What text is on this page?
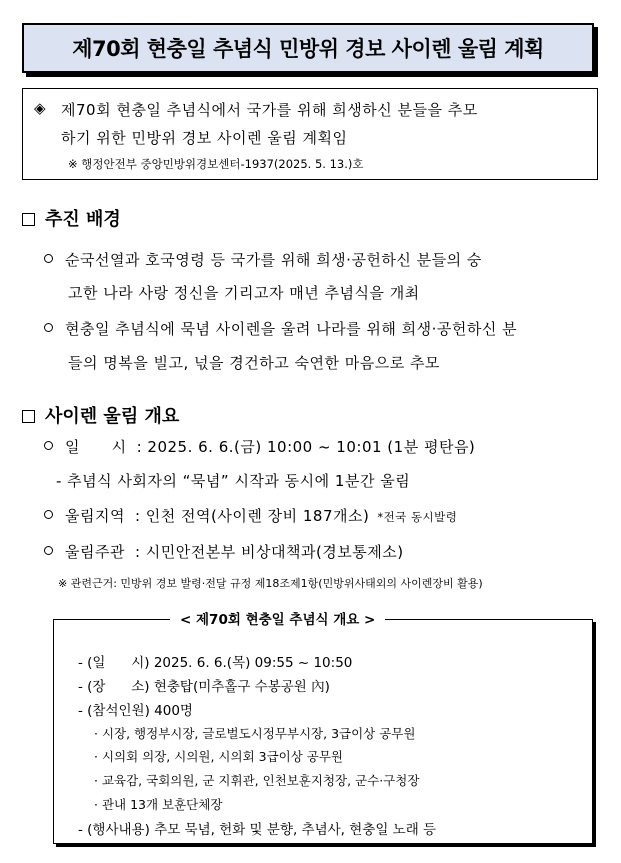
제70회 현충일 추념식 민방위 경보 사이렌 울림 계획
◈ 제70회 현충일 추념식에서 국가를 위해 희생하신 분들을 추모
하기 위한 민방위 경보 사이렌 울림 계획임
※ 행정안전부 중앙민방위경보센터-1937(2025. 5. 13.)호
추진 배경
순국선열과 호국영령 등 국가를 위해 희생·공헌하신 분들의 숭
고한 나라 사랑 정신을 기리고자 매년 추념식을 개최
현충일 추념식에 묵념 사이렌을 울려 나라를 위해 희생·공헌하신 분
들의 명복을 빌고, 넋을 경건하고 숙연한 마음으로 추모
사이렌 울림 개요
일      시 : 2025. 6. 6.(금) 10:00 ~ 10:01 (1분 평탄음)
- 추념식 사회자의 “묵념” 시작과 동시에 1분간 울림
울림지역 : 인천 전역(사이렌 장비 187개소) *전국 동시발령
울림주관 : 시민안전본부 비상대책과(경보통제소)
※ 관련근거: 민방위 경보 발령·전달 규정 제18조제1항(민방위사태외의 사이렌장비 활용)
< 제70회 현충일 추념식 개요 >
- (일      시) 2025. 6. 6.(목) 09:55 ~ 10:50
- (장      소) 현충탑(미추홀구 수봉공원 內)
- (참석인원) 400명
· 시장, 행정부시장, 글로벌도시정무부시장, 3급이상 공무원
· 시의회 의장, 시의원, 시의회 3급이상 공무원
· 교육감, 국회의원, 군 지휘관, 인천보훈지청장, 군수·구청장
· 관내 13개 보훈단체장
- (행사내용) 추모 묵념, 헌화 및 분향, 추념사, 현충일 노래 등
